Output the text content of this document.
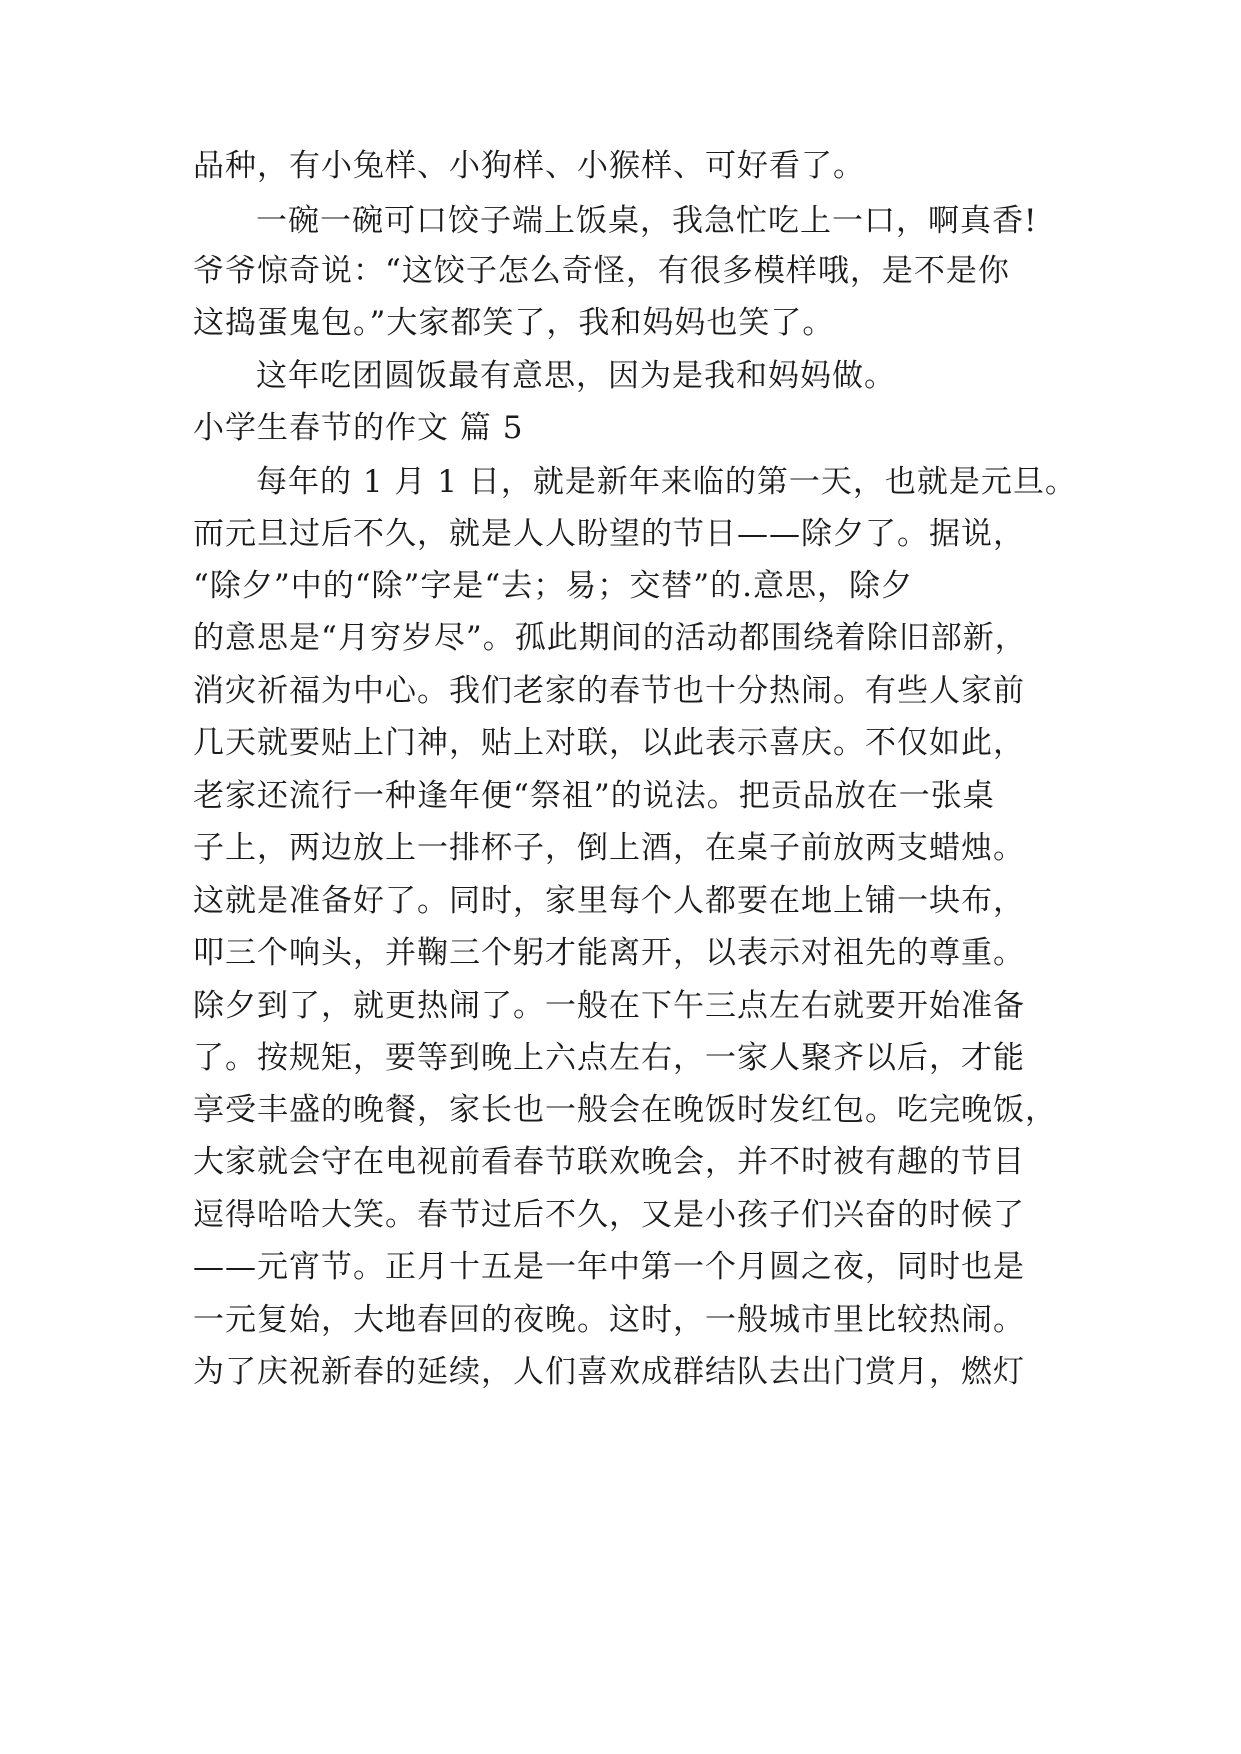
品种，有小兔样、小狗样、小猴样、可好看了。
一碗一碗可口饺子端上饭桌，我急忙吃上一口，啊真香!
爷爷惊奇说：“这饺子怎么奇怪，有很多模样哦，是不是你
这捣蛋鬼包。”大家都笑了，我和妈妈也笑了。
这年吃团圆饭最有意思，因为是我和妈妈做。
小学生春节的作文 篇 5
每年的 1 月 1 日，就是新年来临的第一天，也就是元旦。
而元旦过后不久，就是人人盼望的节日——除夕了。据说，
“除夕”中的“除”字是“去；易；交替”的.意思，除夕
的意思是“月穷岁尽”。孤此期间的活动都围绕着除旧部新，
消灾祈福为中心。我们老家的春节也十分热闹。有些人家前
几天就要贴上门神，贴上对联，以此表示喜庆。不仅如此，
老家还流行一种逢年便“祭祖”的说法。把贡品放在一张桌
子上，两边放上一排杯子，倒上酒，在桌子前放两支蜡烛。
这就是准备好了。同时，家里每个人都要在地上铺一块布，
叩三个响头，并鞠三个躬才能离开，以表示对祖先的尊重。
除夕到了，就更热闹了。一般在下午三点左右就要开始准备
了。按规矩，要等到晚上六点左右，一家人聚齐以后，才能
享受丰盛的晚餐，家长也一般会在晚饭时发红包。吃完晚饭，
大家就会守在电视前看春节联欢晚会，并不时被有趣的节目
逗得哈哈大笑。春节过后不久，又是小孩子们兴奋的时候了
——元宵节。正月十五是一年中第一个月圆之夜，同时也是
一元复始，大地春回的夜晚。这时，一般城市里比较热闹。
为了庆祝新春的延续，人们喜欢成群结队去出门赏月，燃灯
